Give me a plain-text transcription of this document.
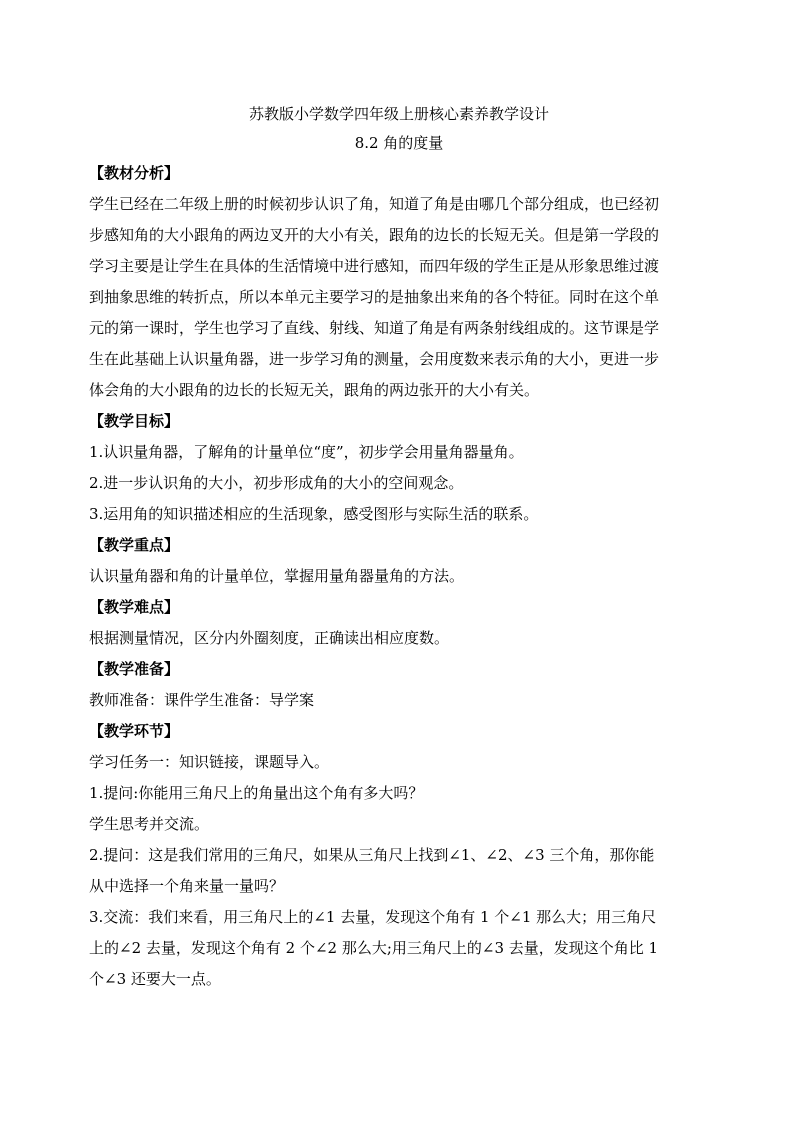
苏教版小学数学四年级上册核心素养教学设计

8.2 角的度量

【教材分析】

学生已经在二年级上册的时候初步认识了角，知道了角是由哪几个部分组成，也已经初

步感知角的大小跟角的两边叉开的大小有关，跟角的边长的长短无关。但是第一学段的

学习主要是让学生在具体的生活情境中进行感知，而四年级的学生正是从形象思维过渡

到抽象思维的转折点，所以本单元主要学习的是抽象出来角的各个特征。同时在这个单

元的第一课时，学生也学习了直线、射线、知道了角是有两条射线组成的。这节课是学

生在此基础上认识量角器，进一步学习角的测量，会用度数来表示角的大小，更进一步

体会角的大小跟角的边长的长短无关，跟角的两边张开的大小有关。

【教学目标】

1.认识量角器，了解角的计量单位“度”，初步学会用量角器量角。

2.进一步认识角的大小，初步形成角的大小的空间观念。

3.运用角的知识描述相应的生活现象，感受图形与实际生活的联系。

【教学重点】

认识量角器和角的计量单位，掌握用量角器量角的方法。

【教学难点】

根据测量情况，区分内外圈刻度，正确读出相应度数。

【教学准备】

教师准备：课件学生准备：导学案

【教学环节】

学习任务一：知识链接，课题导入。

1.提问:你能用三角尺上的角量出这个角有多大吗？

学生思考并交流。

2.提问：这是我们常用的三角尺，如果从三角尺上找到∠1、∠2、∠3 三个角，那你能

从中选择一个角来量一量吗？

3.交流：我们来看，用三角尺上的∠1 去量，发现这个角有 1 个∠1 那么大；用三角尺

上的∠2 去量，发现这个角有 2 个∠2 那么大;用三角尺上的∠3 去量，发现这个角比 1

个∠3 还要大一点。
